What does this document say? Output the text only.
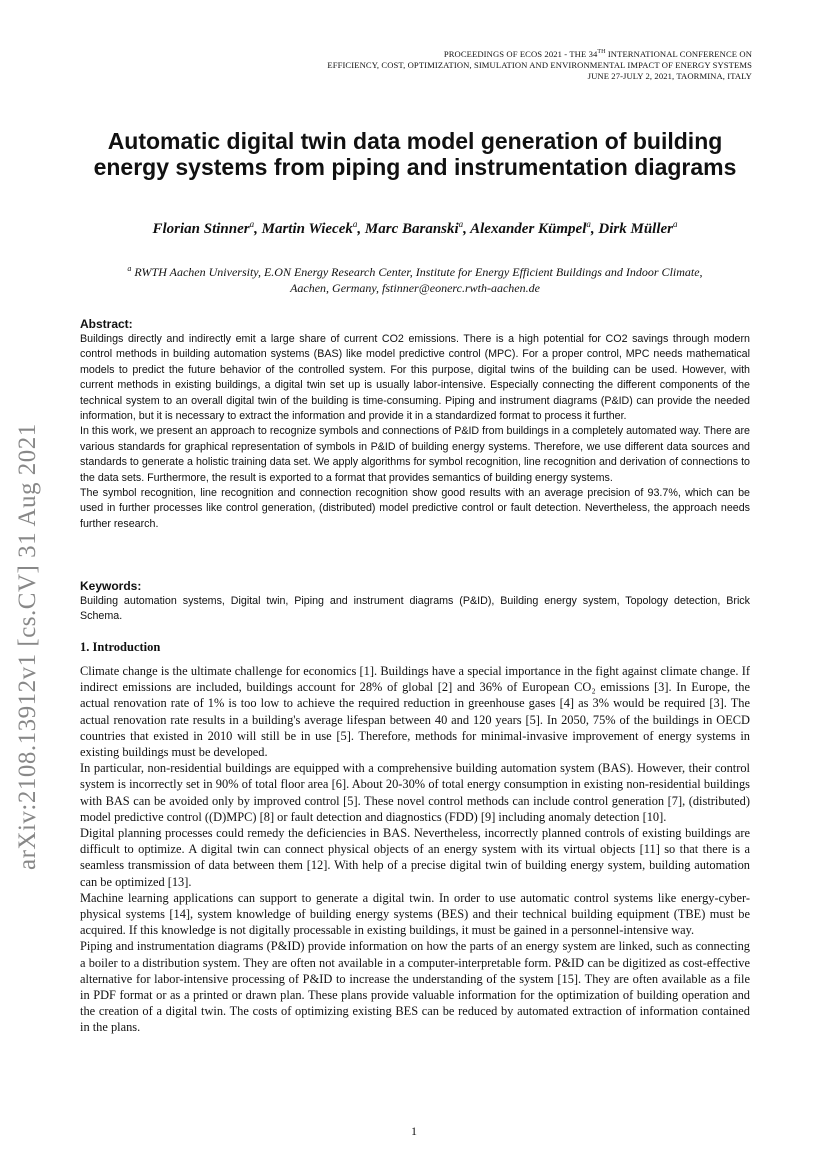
arXiv:2108.13912v1 [cs.CV] 31 Aug 2021
PROCEEDINGS OF ECOS 2021 - THE 34TH INTERNATIONAL CONFERENCE ON
EFFICIENCY, COST, OPTIMIZATION, SIMULATION AND ENVIRONMENTAL IMPACT OF ENERGY SYSTEMS
JUNE 27-JULY 2, 2021, TAORMINA, ITALY
Automatic digital twin data model generation of building energy systems from piping and instrumentation diagrams
Florian Stinner$^a$, Martin Wiecek$^a$, Marc Baranski$^a$, Alexander Kümpel$^a$, Dirk Müller$^a$
$^a$ RWTH Aachen University, E.ON Energy Research Center, Institute for Energy Efficient Buildings and Indoor Climate,
Aachen, Germany, fstinner@eonerc.rwth-aachen.de
Abstract:

Buildings directly and indirectly emit a large share of current CO2 emissions. There is a high potential for CO2 savings through modern control methods in building automation systems (BAS) like model predictive control (MPC). For a proper control, MPC needs mathematical models to predict the future behavior of the controlled system. For this purpose, digital twins of the building can be used. However, with current methods in existing buildings, a digital twin set up is usually labor-intensive. Especially connecting the different components of the technical system to an overall digital twin of the building is time-consuming. Piping and instrument diagrams (P&ID) can provide the needed information, but it is necessary to extract the information and provide it in a standardized format to process it further.

In this work, we present an approach to recognize symbols and connections of P&ID from buildings in a completely automated way. There are various standards for graphical representation of symbols in P&ID of building energy systems. Therefore, we use different data sources and standards to generate a holistic training data set. We apply algorithms for symbol recognition, line recognition and derivation of connections to the data sets. Furthermore, the result is exported to a format that provides semantics of building energy systems.

The symbol recognition, line recognition and connection recognition show good results with an average precision of 93.7%, which can be used in further processes like control generation, (distributed) model predictive control or fault detection. Nevertheless, the approach needs further research.

Keywords:

Building automation systems, Digital twin, Piping and instrument diagrams (P&ID), Building energy system, Topology detection, Brick Schema.

1. Introduction

Climate change is the ultimate challenge for economics [1]. Buildings have a special importance in the fight against climate change. If indirect emissions are included, buildings account for 28% of global [2] and 36% of European CO₂ emissions [3]. In Europe, the actual renovation rate of 1% is too low to achieve the required reduction in greenhouse gases [4] as 3% would be required [3]. The actual renovation rate results in a building's average lifespan between 40 and 120 years [5]. In 2050, 75% of the buildings in OECD countries that existed in 2010 will still be in use [5]. Therefore, methods for minimal-invasive improvement of energy systems in existing buildings must be developed.

In particular, non-residential buildings are equipped with a comprehensive building automation system (BAS). However, their control system is incorrectly set in 90% of total floor area [6]. About 20-30% of total energy consumption in existing non-residential buildings with BAS can be avoided only by improved control [5]. These novel control methods can include control generation [7], (distributed) model predictive control ((D)MPC) [8] or fault detection and diagnostics (FDD) [9] including anomaly detection [10].

Digital planning processes could remedy the deficiencies in BAS. Nevertheless, incorrectly planned controls of existing buildings are difficult to optimize. A digital twin can connect physical objects of an energy system with its virtual objects [11] so that there is a seamless transmission of data between them [12]. With help of a precise digital twin of building energy system, building automation can be optimized [13].

Machine learning applications can support to generate a digital twin. In order to use automatic control systems like energy-cyber-physical systems [14], system knowledge of building energy systems (BES) and their technical building equipment (TBE) must be acquired. If this knowledge is not digitally processable in existing buildings, it must be gained in a personnel-intensive way.

Piping and instrumentation diagrams (P&ID) provide information on how the parts of an energy system are linked, such as connecting a boiler to a distribution system. They are often not available in a computer-interpretable form. P&ID can be digitized as cost-effective alternative for labor-intensive processing of P&ID to increase the understanding of the system [15]. They are often available as a file in PDF format or as a printed or drawn plan. These plans provide valuable information for the optimization of building operation and the creation of a digital twin. The costs of optimizing existing BES can be reduced by automated extraction of information contained in the plans.

1
